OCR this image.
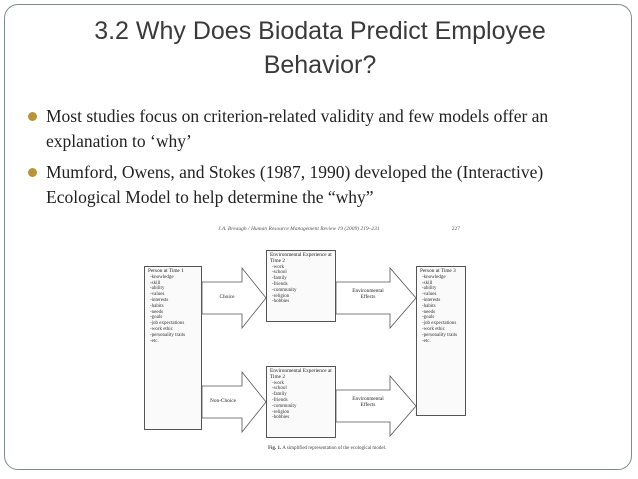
3.2 Why Does Biodata Predict Employee
Behavior?
Most studies focus on criterion-related validity and few models offer an explanation to ‘why’
Mumford, Owens, and Stokes (1987, 1990) developed the (Interactive) Ecological Model to help determine the “why”
J.A. Breaugh / Human Resource Management Review 19 (2009) 219–231	227
Person at Time 1
-knowledge
-skill
-ability
-values
-interests
-habits
-needs
-goals
-job expectations
-work ethic
-personality traits
-etc.
Choice
Non-Choice
Environmental Experience at Time 2
-work
-school
-family
-friends
-community
-religion
-hobbies
Environmental Experience at Time 2
-work
-school
-family
-friends
-community
-religion
-hobbies
Environmental Effects
Environmental Effects
Person at Time 3
-knowledge
-skill
-ability
-values
-interests
-habits
-needs
-goals
-job expectations
-work ethic
-personality traits
-etc.
Fig. 1. A simplified representation of the ecological model.
